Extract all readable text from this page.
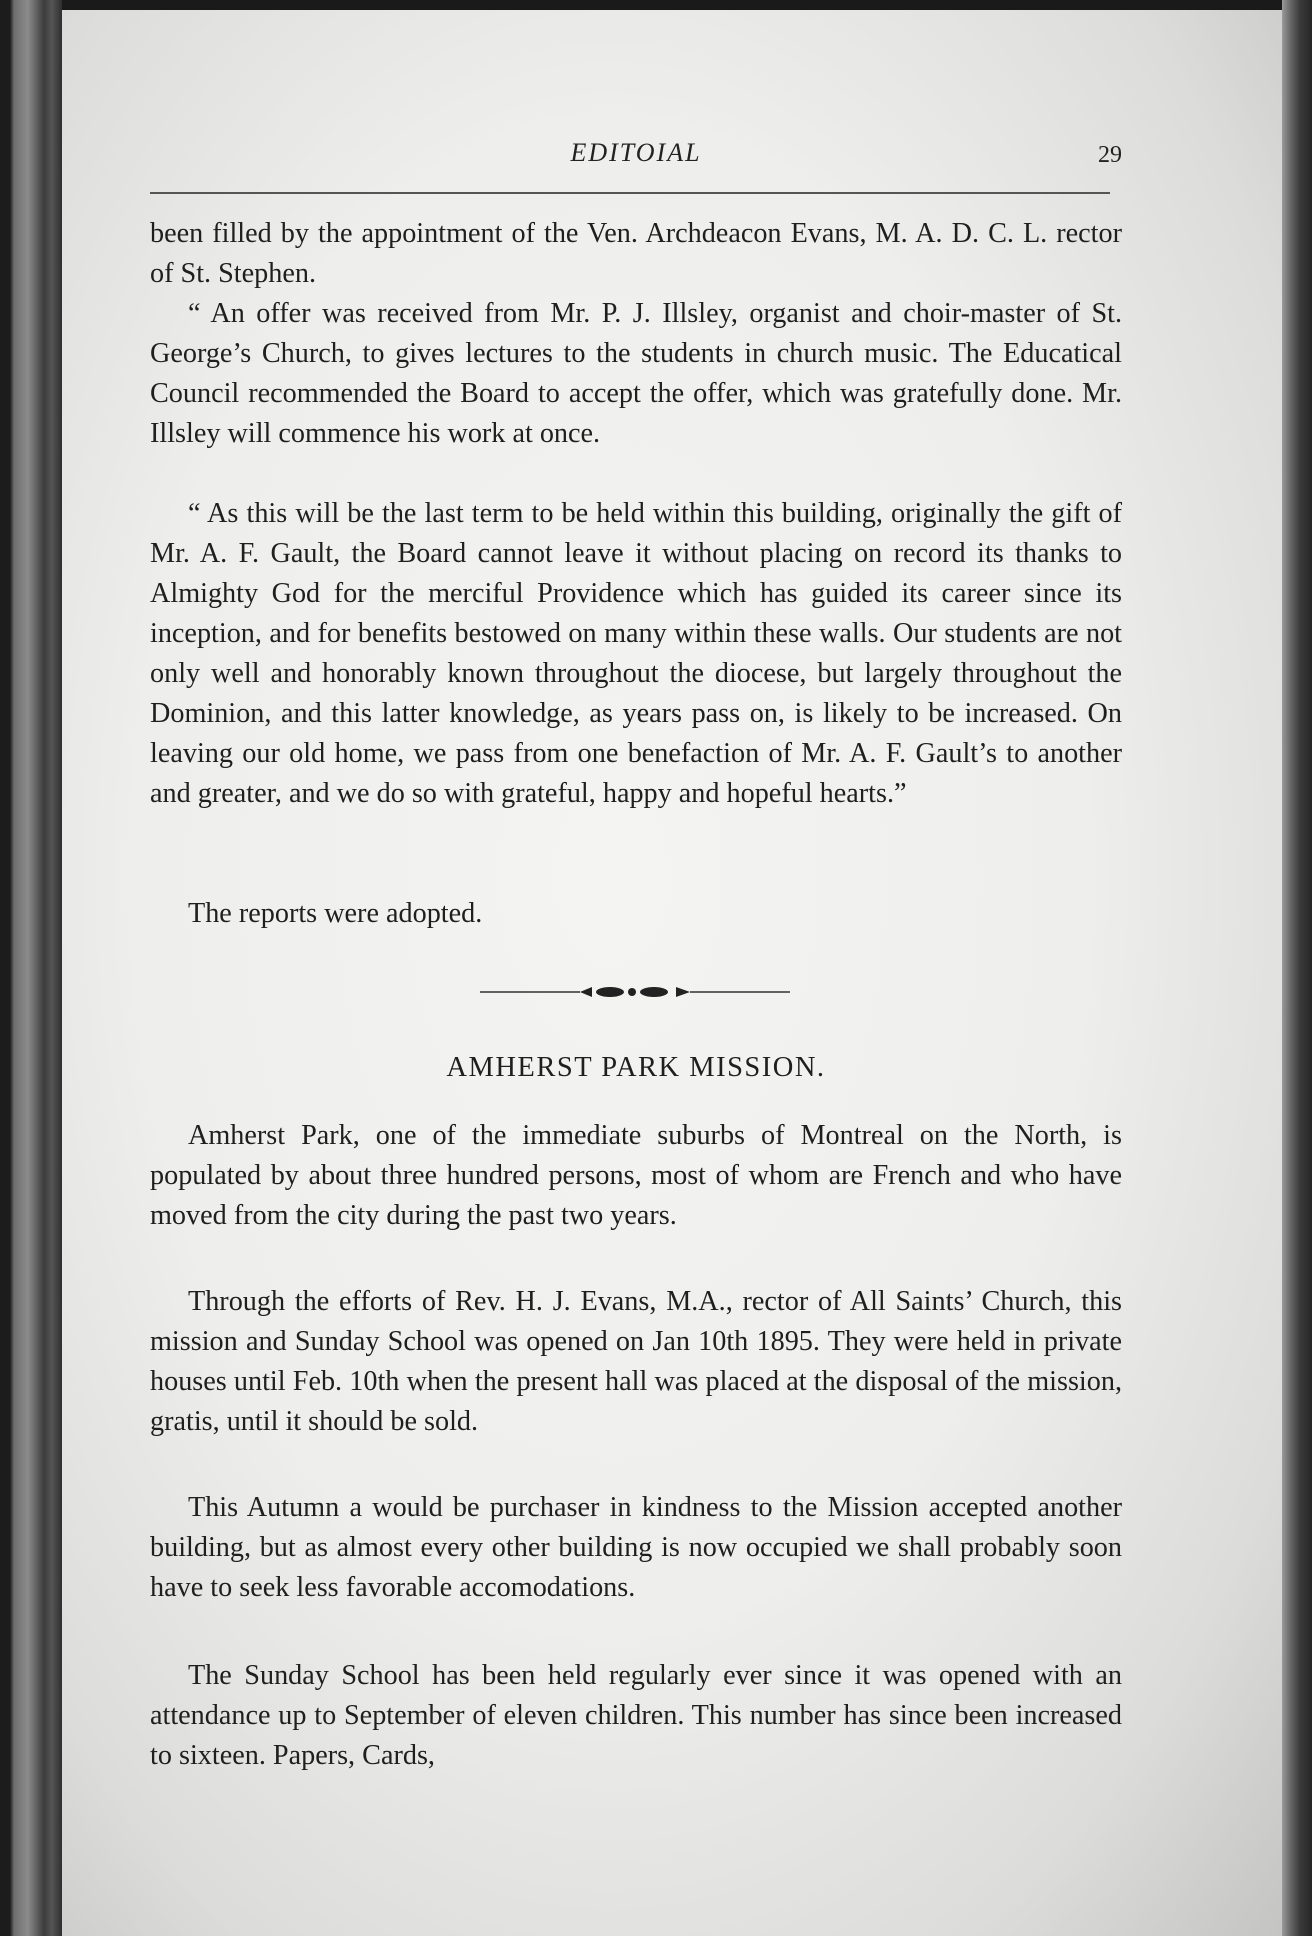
EDITOIAL	29

been filled by the appointment of the Ven. Archdeacon Evans, M. A. D. C. L. rector of St. Stephen.

“ An offer was received from Mr. P. J. Illsley, organist and choir-master of St. George’s Church, to gives lectures to the students in church music. The Educatical Council recommended the Board to accept the offer, which was gratefully done. Mr. Illsley will commence his work at once.

“ As this will be the last term to be held within this building, originally the gift of Mr. A. F. Gault, the Board cannot leave it without placing on record its thanks to Almighty God for the merciful Providence which has guided its career since its inception, and for benefits bestowed on many within these walls. Our students are not only well and honorably known throughout the diocese, but largely throughout the Dominion, and this latter knowledge, as years pass on, is likely to be increased. On leaving our old home, we pass from one benefaction of Mr. A. F. Gault’s to another and greater, and we do so with grateful, happy and hopeful hearts.”

The reports were adopted.

AMHERST PARK MISSION.

Amherst Park, one of the immediate suburbs of Montreal on the North, is populated by about three hundred persons, most of whom are French and who have moved from the city during the past two years.

Through the efforts of Rev. H. J. Evans, M.A., rector of All Saints’ Church, this mission and Sunday School was opened on Jan 10th 1895. They were held in private houses until Feb. 10th when the present hall was placed at the disposal of the mission, gratis, until it should be sold.

This Autumn a would be purchaser in kindness to the Mission accepted another building, but as almost every other building is now occupied we shall probably soon have to seek less favorable accomodations.

The Sunday School has been held regularly ever since it was opened with an attendance up to September of eleven children. This number has since been increased to sixteen. Papers, Cards,
